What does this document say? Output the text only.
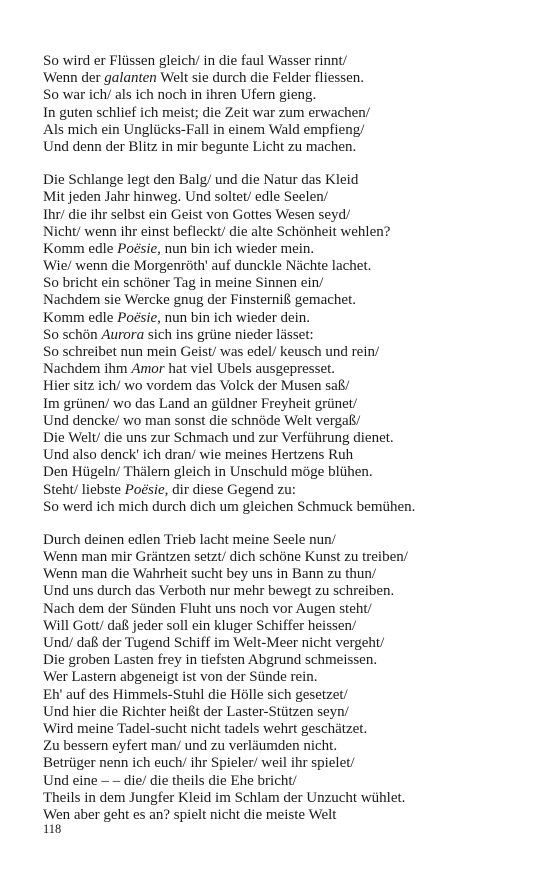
So wird er Flüssen gleich/ in die faul Wasser rinnt/
Wenn der galanten Welt sie durch die Felder fliessen.
So war ich/ als ich noch in ihren Ufern gieng.
In guten schlief ich meist; die Zeit war zum erwachen/
Als mich ein Unglücks-Fall in einem Wald empfieng/
Und denn der Blitz in mir begunte Licht zu machen.
Die Schlange legt den Balg/ und die Natur das Kleid
Mit jeden Jahr hinweg. Und soltet/ edle Seelen/
Ihr/ die ihr selbst ein Geist von Gottes Wesen seyd/
Nicht/ wenn ihr einst befleckt/ die alte Schönheit wehlen?
Komm edle Poësie, nun bin ich wieder mein.
Wie/ wenn die Morgenröth' auf dunckle Nächte lachet.
So bricht ein schöner Tag in meine Sinnen ein/
Nachdem sie Wercke gnug der Finsterniß gemachet.
Komm edle Poësie, nun bin ich wieder dein.
So schön Aurora sich ins grüne nieder lässet:
So schreibet nun mein Geist/ was edel/ keusch und rein/
Nachdem ihm Amor hat viel Ubels ausgepresset.
Hier sitz ich/ wo vordem das Volck der Musen saß/
Im grünen/ wo das Land an güldner Freyheit grünet/
Und dencke/ wo man sonst die schnöde Welt vergaß/
Die Welt/ die uns zur Schmach und zur Verführung dienet.
Und also denck' ich dran/ wie meines Hertzens Ruh
Den Hügeln/ Thälern gleich in Unschuld möge blühen.
Steht/ liebste Poësie, dir diese Gegend zu:
So werd ich mich durch dich um gleichen Schmuck bemühen.
Durch deinen edlen Trieb lacht meine Seele nun/
Wenn man mir Gräntzen setzt/ dich schöne Kunst zu treiben/
Wenn man die Wahrheit sucht bey uns in Bann zu thun/
Und uns durch das Verboth nur mehr bewegt zu schreiben.
Nach dem der Sünden Fluht uns noch vor Augen steht/
Will Gott/ daß jeder soll ein kluger Schiffer heissen/
Und/ daß der Tugend Schiff im Welt-Meer nicht vergeht/
Die groben Lasten frey in tiefsten Abgrund schmeissen.
Wer Lastern abgeneigt ist von der Sünde rein.
Eh' auf des Himmels-Stuhl die Hölle sich gesetzet/
Und hier die Richter heißt der Laster-Stützen seyn/
Wird meine Tadel-sucht nicht tadels wehrt geschätzet.
Zu bessern eyfert man/ und zu verläumden nicht.
Betrüger nenn ich euch/ ihr Spieler/ weil ihr spielet/
Und eine – – die/ die theils die Ehe bricht/
Theils in dem Jungfer Kleid im Schlam der Unzucht wühlet.
Wen aber geht es an? spielt nicht die meiste Welt
118
